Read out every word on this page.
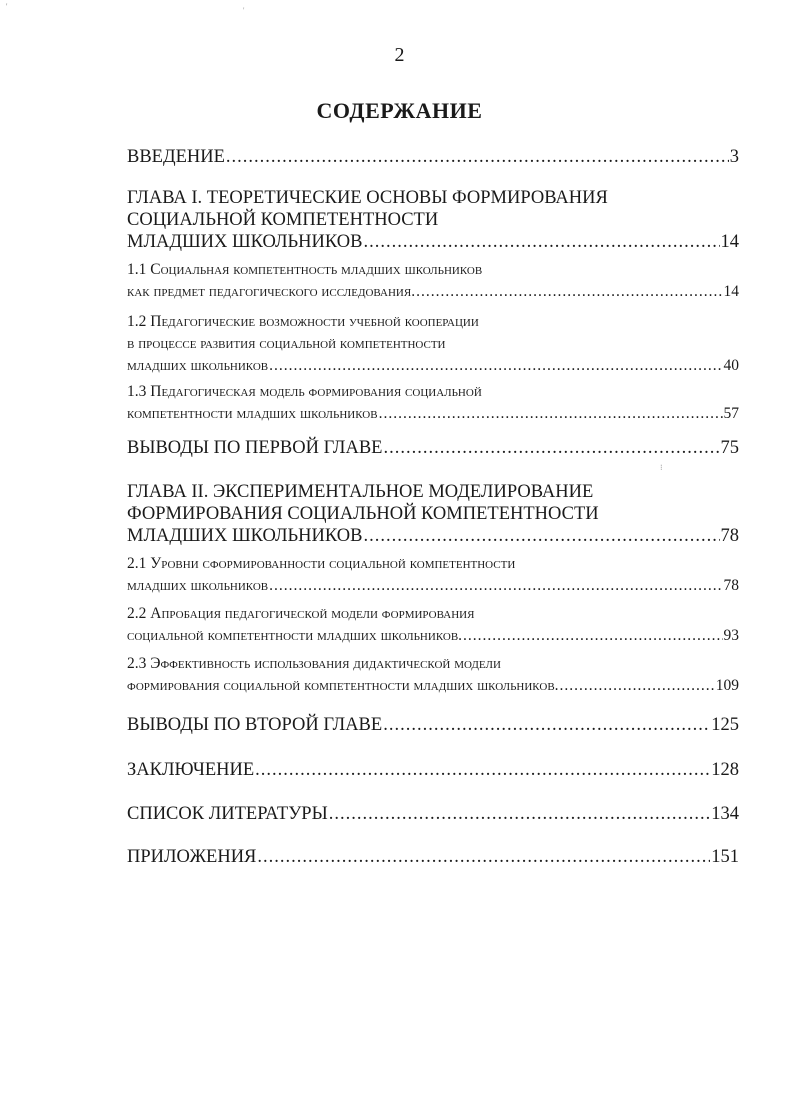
'	'
2
СОДЕРЖАНИЕ
ВВЕДЕНИЕ .....	3
ГЛАВА I. ТЕОРЕТИЧЕСКИЕ ОСНОВЫ ФОРМИРОВАНИЯ
СОЦИАЛЬНОЙ КОМПЕТЕНТНОСТИ
МЛАДШИХ ШКОЛЬНИКОВ .....	14
1.1 Социальная компетентность младших школьников
как предмет педагогического исследования. .....	14
1.2 Педагогические возможности учебной кооперации
в процессе развития социальной компетентности
младших школьников .....	40
1.3 Педагогическая модель формирования социальной
компетентности младших школьников .....	57
ВЫВОДЫ ПО ПЕРВОЙ ГЛАВЕ .....	75
ГЛАВА II. ЭКСПЕРИМЕНТАЛЬНОЕ МОДЕЛИРОВАНИЕ
ФОРМИРОВАНИЯ СОЦИАЛЬНОЙ КОМПЕТЕНТНОСТИ
МЛАДШИХ ШКОЛЬНИКОВ .....	78
2.1 Уровни сформированности социальной компетентности
младших школьников .....	78
2.2 Апробация педагогической модели формирования
социальной компетентности младших школьников. .....	93
2.3 Эффективность использования дидактической модели
формирования социальной компетентности младших школьников. .....	109
ВЫВОДЫ ПО ВТОРОЙ ГЛАВЕ .....	125
ЗАКЛЮЧЕНИЕ .....	128
СПИСОК ЛИТЕРАТУРЫ .....	134
ПРИЛОЖЕНИЯ .....	151
⁝
